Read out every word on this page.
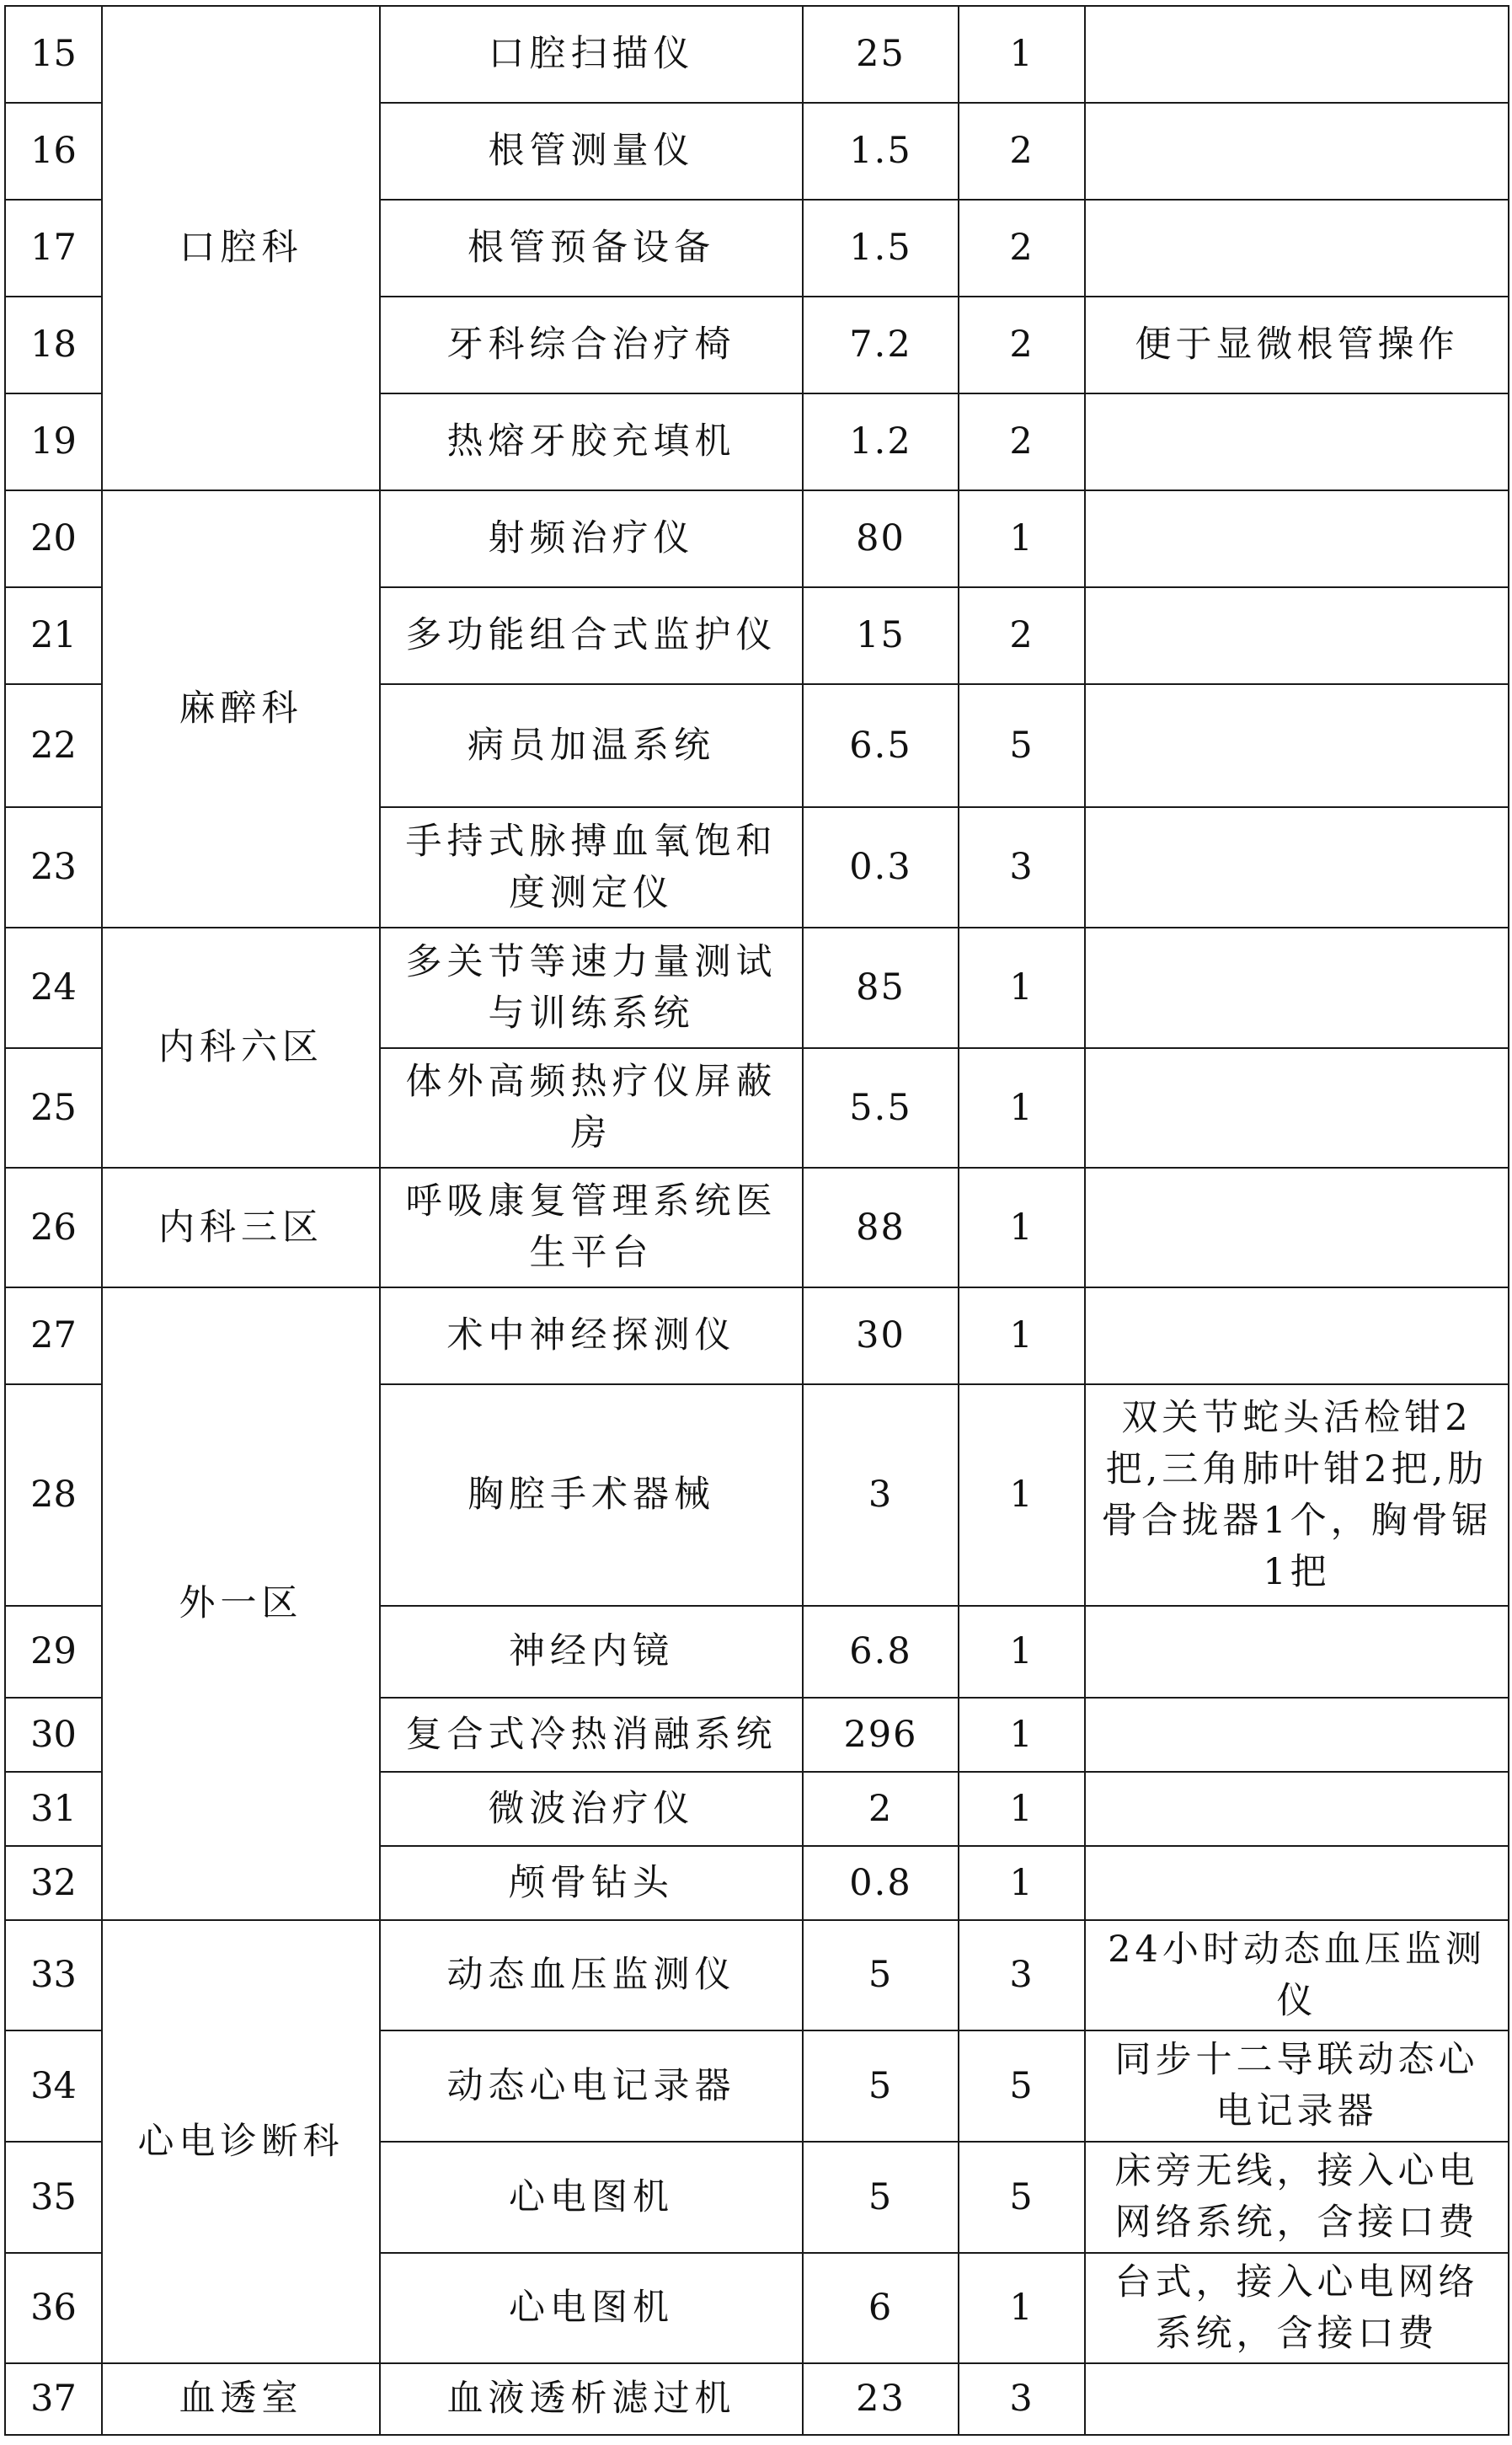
15	口腔科	口腔扫描仪	25	1	

16		根管测量仪	1.5	2	

17		根管预备设备	1.5	2	

18		牙科综合治疗椅	7.2	2	便于显微根管操作

19		热熔牙胶充填机	1.2	2	

20	麻醉科	射频治疗仪	80	1	

21		多功能组合式监护仪	15	2	

22		病员加温系统	6.5	5	

23		手持式脉搏血氧饱和度测定仪	0.3	3	

24	内科六区	多关节等速力量测试与训练系统	85	1	

25		体外高频热疗仪屏蔽房	5.5	1	

26	内科三区	呼吸康复管理系统医生平台	88	1	

27	外一区	术中神经探测仪	30	1	

28		胸腔手术器械	3	1	双关节蛇头活检钳2把,三角肺叶钳2把,肋骨合拢器1个，胸骨锯1把

29		神经内镜	6.8	1	

30		复合式冷热消融系统	296	1	

31		微波治疗仪	2	1	

32		颅骨钻头	0.8	1	

33	心电诊断科	动态血压监测仪	5	3	24小时动态血压监测仪

34		动态心电记录器	5	5	同步十二导联动态心电记录器

35		心电图机	5	5	床旁无线，接入心电网络系统，含接口费

36		心电图机	6	1	台式，接入心电网络系统，含接口费

37	血透室	血液透析滤过机	23	3	
